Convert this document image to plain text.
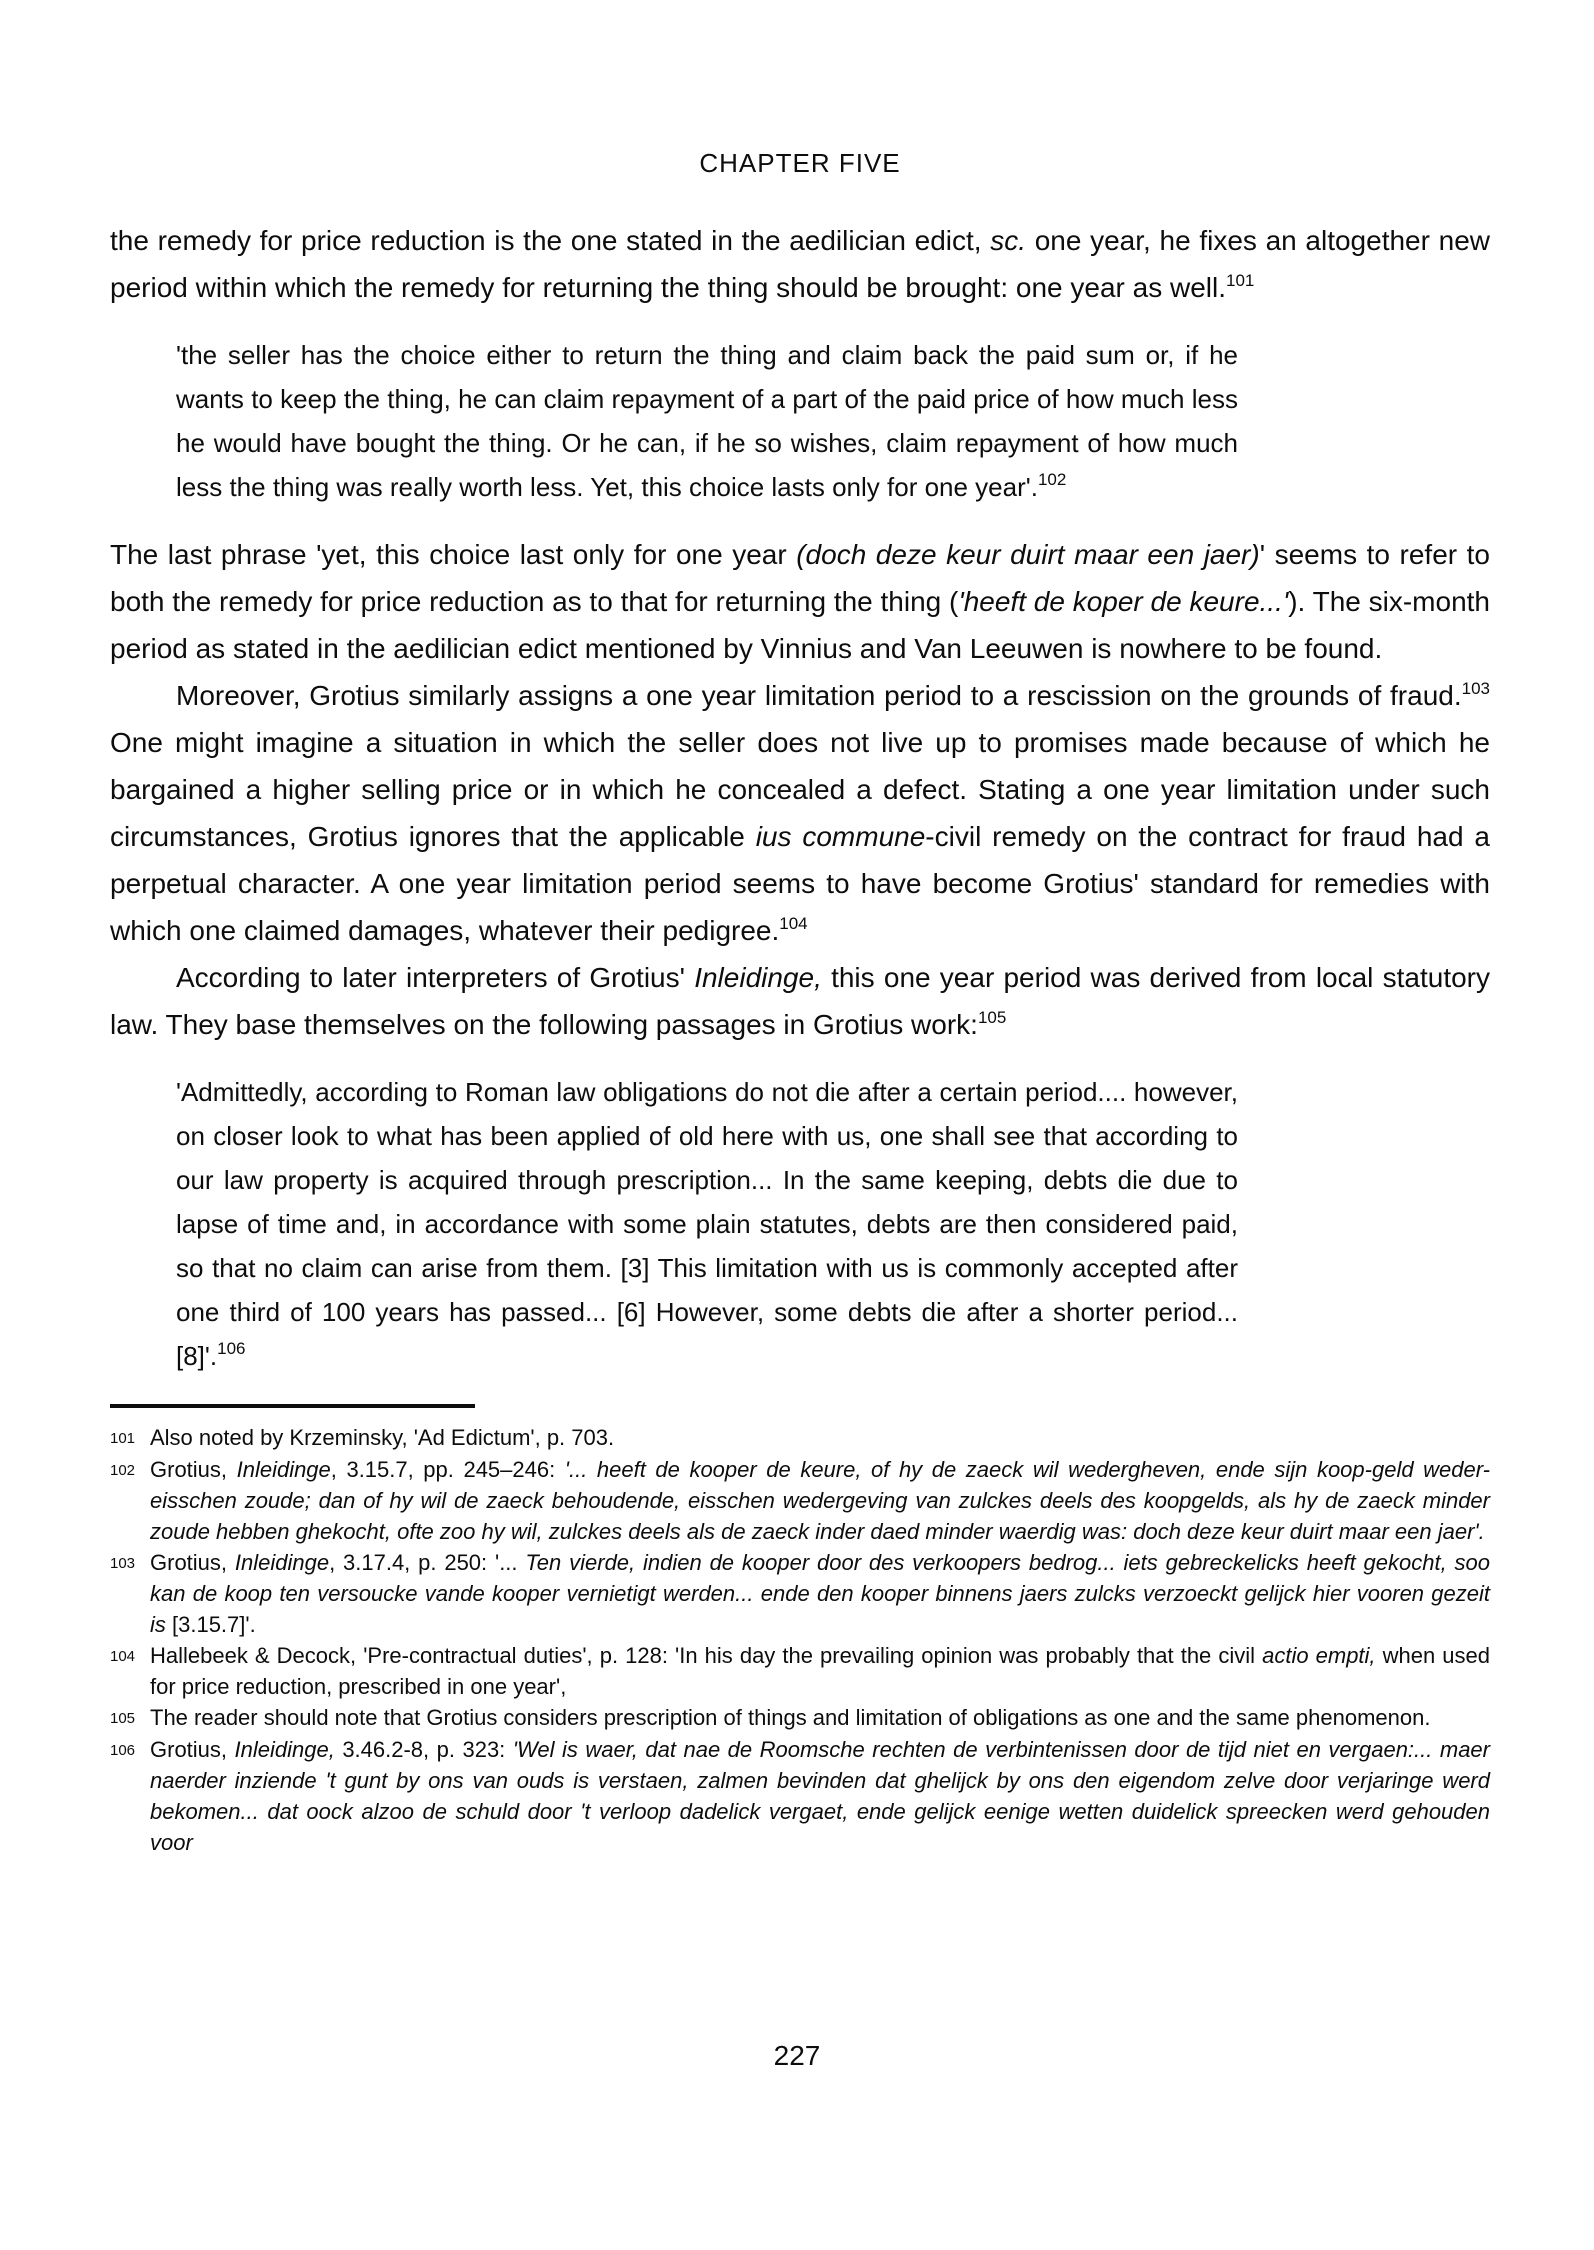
CHAPTER FIVE

the remedy for price reduction is the one stated in the aedilician edict, sc. one year, he fixes an altogether new period within which the remedy for returning the thing should be brought: one year as well.$^{101}$

'the seller has the choice either to return the thing and claim back the paid sum or, if he wants to keep the thing, he can claim repayment of a part of the paid price of how much less he would have bought the thing. Or he can, if he so wishes, claim repayment of how much less the thing was really worth less. Yet, this choice lasts only for one year'.$^{102}$

The last phrase 'yet, this choice last only for one year (doch deze keur duirt maar een jaer)' seems to refer to both the remedy for price reduction as to that for returning the thing ('heeft de koper de keure...'). The six-month period as stated in the aedilician edict mentioned by Vinnius and Van Leeuwen is nowhere to be found.

Moreover, Grotius similarly assigns a one year limitation period to a rescission on the grounds of fraud.$^{103}$ One might imagine a situation in which the seller does not live up to promises made because of which he bargained a higher selling price or in which he concealed a defect. Stating a one year limitation under such circumstances, Grotius ignores that the applicable ius commune-civil remedy on the contract for fraud had a perpetual character. A one year limitation period seems to have become Grotius' standard for remedies with which one claimed damages, whatever their pedigree.$^{104}$

According to later interpreters of Grotius' Inleidinge, this one year period was derived from local statutory law. They base themselves on the following passages in Grotius work:$^{105}$

'Admittedly, according to Roman law obligations do not die after a certain period.... however, on closer look to what has been applied of old here with us, one shall see that according to our law property is acquired through prescription... In the same keeping, debts die due to lapse of time and, in accordance with some plain statutes, debts are then considered paid, so that no claim can arise from them. [3] This limitation with us is commonly accepted after one third of 100 years has passed... [6] However, some debts die after a shorter period... [8]'.$^{106}$
101 Also noted by Krzeminsky, 'Ad Edictum', p. 703.
102 Grotius, Inleidinge, 3.15.7, pp. 245–246: '... heeft de kooper de keure, of hy de zaeck wil wedergheven, ende sijn koop-geld weder-eisschen zoude; dan of hy wil de zaeck behoudende, eisschen wedergeving van zulckes deels des koopgelds, als hy de zaeck minder zoude hebben ghekocht, ofte zoo hy wil, zulckes deels als de zaeck inder daed minder waerdig was: doch deze keur duirt maar een jaer'.
103 Grotius, Inleidinge, 3.17.4, p. 250: '... Ten vierde, indien de kooper door des verkoopers bedrog... iets gebreckelicks heeft gekocht, soo kan de koop ten versoucke vande kooper vernietigt werden... ende den kooper binnens jaers zulcks verzoeckt gelijck hier vooren gezeit is [3.15.7]'.
104 Hallebeek & Decock, 'Pre-contractual duties', p. 128: 'In his day the prevailing opinion was probably that the civil actio empti, when used for price reduction, prescribed in one year',
105 The reader should note that Grotius considers prescription of things and limitation of obligations as one and the same phenomenon.
106 Grotius, Inleidinge, 3.46.2-8, p. 323: 'Wel is waer, dat nae de Roomsche rechten de verbintenissen door de tijd niet en vergaen:... maer naerder inziende 't gunt by ons van ouds is verstaen, zalmen bevinden dat ghelijck by ons den eigendom zelve door verjaringe werd bekomen... dat oock alzoo de schuld door 't verloop dadelick vergaet, ende gelijck eenige wetten duidelick spreecken werd gehouden voor
227
